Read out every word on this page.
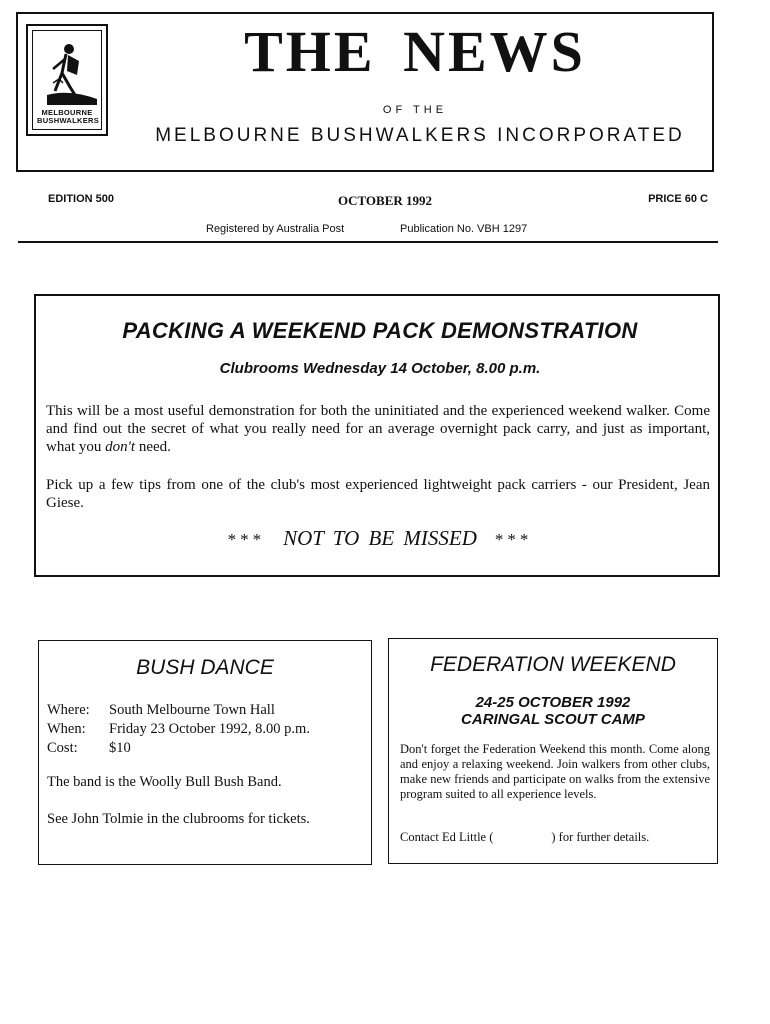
MELBOURNE
BUSHWALKERS
THE NEWS
OF THE
MELBOURNE BUSHWALKERS INCORPORATED
EDITION 500	OCTOBER 1992	PRICE 60 C
Registered by Australia Post	Publication No. VBH 1297
PACKING A WEEKEND PACK DEMONSTRATION
Clubrooms Wednesday 14 October, 8.00 p.m.
This will be a most useful demonstration for both the uninitiated and the experienced weekend walker. Come and find out the secret of what you really need for an average overnight pack carry, and just as important, what you don't need.
Pick up a few tips from one of the club's most experienced lightweight pack carriers - our President, Jean Giese.
*** NOT TO BE MISSED ***
BUSH DANCE
Where: South Melbourne Town Hall
When: Friday 23 October 1992, 8.00 p.m.
Cost: $10
The band is the Woolly Bull Bush Band.
See John Tolmie in the clubrooms for tickets.
FEDERATION WEEKEND
24-25 OCTOBER 1992
CARINGAL SCOUT CAMP
Don't forget the Federation Weekend this month. Come along and enjoy a relaxing weekend. Join walkers from other clubs, make new friends and participate on walks from the extensive program suited to all experience levels.
Contact Ed Little (	) for further details.
